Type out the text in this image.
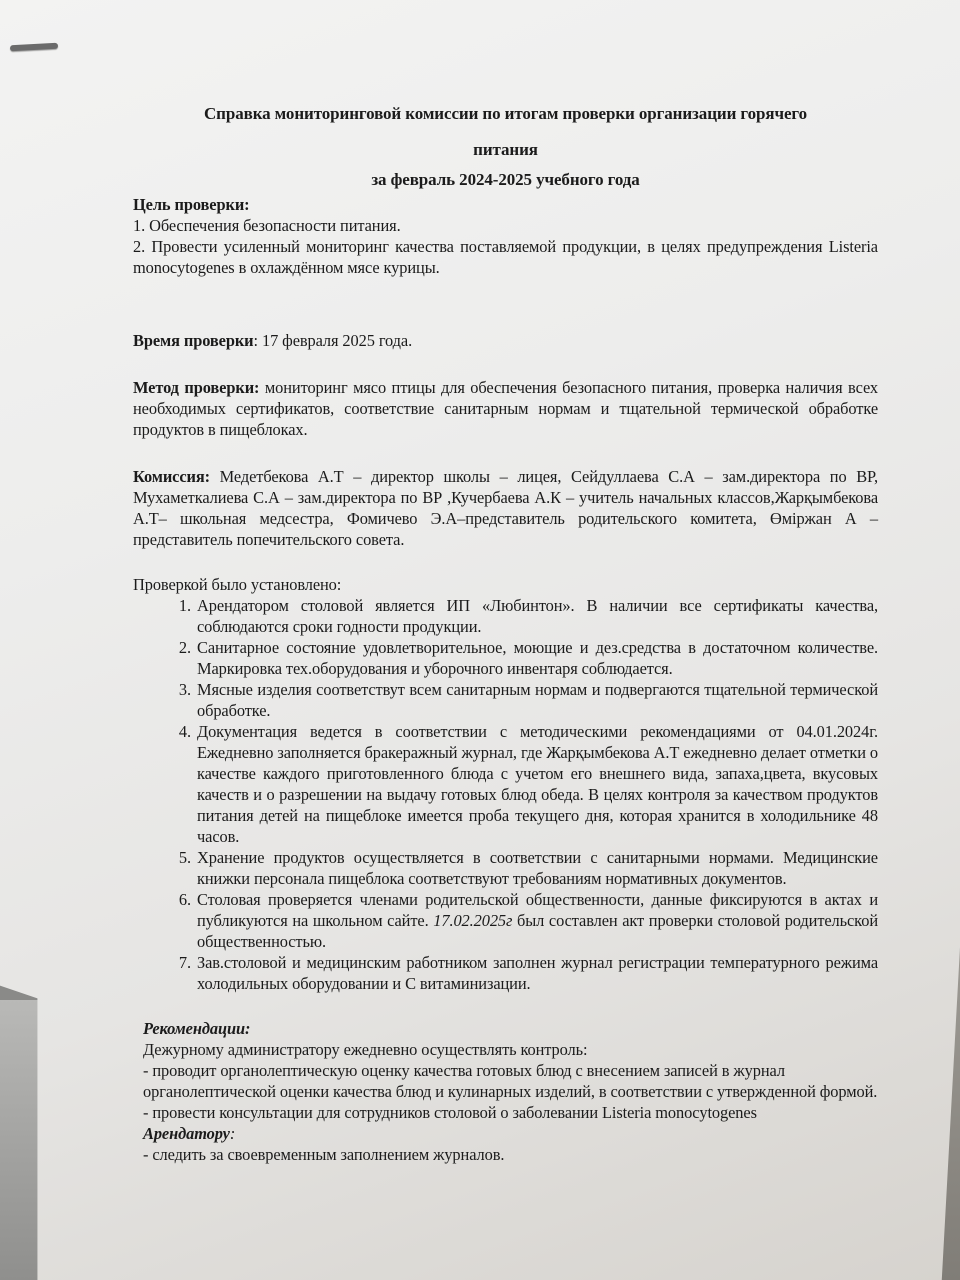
Справка мониторинговой комиссии по итогам проверки организации горячего
питания
за февраль 2024-2025 учебного года
Цель проверки:
1. Обеспечения безопасности питания.
2. Провести усиленный мониторинг качества поставляемой продукции, в целях предупреждения Listeria monocytogenes в охлаждённом мясе курицы.
Время проверки: 17 февраля 2025 года.
Метод проверки: мониторинг мясо птицы для обеспечения безопасного питания, проверка наличия всех необходимых сертификатов, соответствие санитарным нормам и тщательной термической обработке продуктов в пищеблоках.
Комиссия: Медетбекова А.Т – директор школы – лицея, Сейдуллаева С.А – зам.директора по ВР, Мухаметкалиева С.А – зам.директора по ВР ,Кучербаева А.К – учитель начальных классов,Жарқымбекова А.Т– школьная медсестра, Фомичево Э.А–представитель родительского комитета, Өміржан А – представитель попечительского совета.
Проверкой было установлено:
1. Арендатором столовой является ИП «Любинтон». В наличии все сертификаты качества, соблюдаются сроки годности продукции.
2. Санитарное состояние удовлетворительное, моющие и дез.средства в достаточном количестве. Маркировка тех.оборудования и уборочного инвентаря соблюдается.
3. Мясные изделия соответствут всем санитарным нормам и подвергаются тщательной термической обработке.
4. Документация ведется в соответствии с методическими рекомендациями от 04.01.2024г. Ежедневно заполняется бракеражный журнал, где Жарқымбекова А.Т ежедневно делает отметки о качестве каждого приготовленного блюда с учетом его внешнего вида, запаха,цвета, вкусовых качеств и о разрешении на выдачу готовых блюд обеда. В целях контроля за качеством продуктов питания детей на пищеблоке имеется проба текущего дня, которая хранится в холодильнике 48 часов.
5. Хранение продуктов осуществляется в соответствии с санитарными нормами. Медицинские книжки персонала пищеблока соответствуют требованиям нормативных документов.
6. Столовая проверяется членами родительской общественности, данные фиксируются в актах и публикуются на школьном сайте. 17.02.2025г был составлен акт проверки столовой родительской общественностью.
7. Зав.столовой и медицинским работником заполнен журнал регистрации температурного режима холодильных оборудовании и С витаминизации.
Рекомендации:
Дежурному администратору ежедневно осуществлять контроль:
- проводит органолептическую оценку качества готовых блюд с внесением записей в журнал органолептической оценки качества блюд и кулинарных изделий, в соответствии с утвержденной формой.
- провести консультации для сотрудников столовой о заболевании Listeria monocytogenes
Арендатору:
- следить за своевременным заполнением журналов.
